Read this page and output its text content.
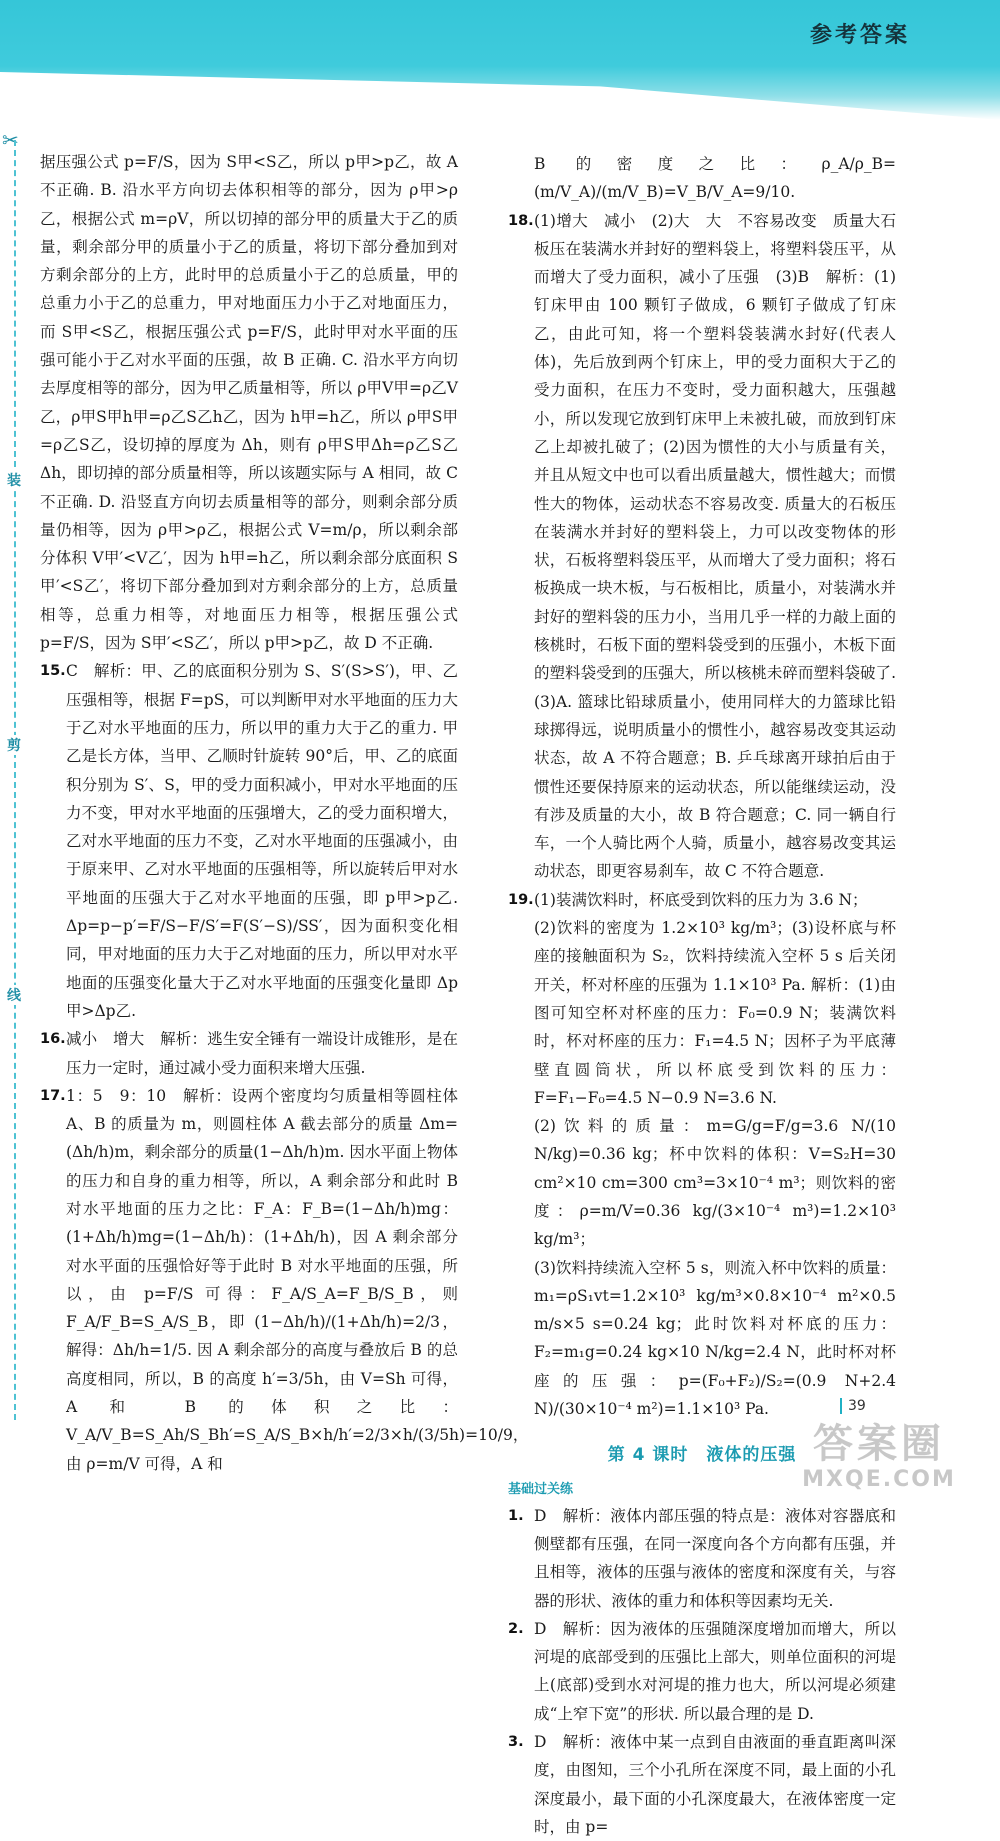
参考答案
✂
装
剪
线

据压强公式 p=F/S，因为 S甲<S乙，所以 p甲>p乙，故 A 不正确. B. 沿水平方向切去体积相等的部分，因为 ρ甲>ρ乙，根据公式 m=ρV，所以切掉的部分甲的质量大于乙的质量，剩余部分甲的质量小于乙的质量，将切下部分叠加到对方剩余部分的上方，此时甲的总质量小于乙的总质量，甲的总重力小于乙的总重力，甲对地面压力小于乙对地面压力，而 S甲<S乙，根据压强公式 p=F/S，此时甲对水平面的压强可能小于乙对水平面的压强，故 B 正确. C. 沿水平方向切去厚度相等的部分，因为甲乙质量相等，所以 ρ甲V甲=ρ乙V乙，ρ甲S甲h甲=ρ乙S乙h乙，因为 h甲=h乙，所以 ρ甲S甲=ρ乙S乙，设切掉的厚度为 Δh，则有 ρ甲S甲Δh=ρ乙S乙Δh，即切掉的部分质量相等，所以该题实际与 A 相同，故 C 不正确. D. 沿竖直方向切去质量相等的部分，则剩余部分质量仍相等，因为 ρ甲>ρ乙，根据公式 V=m/ρ，所以剩余部分体积 V甲′<V乙′，因为 h甲=h乙，所以剩余部分底面积 S甲′<S乙′，将切下部分叠加到对方剩余部分的上方，总质量相等，总重力相等，对地面压力相等，根据压强公式 p=F/S，因为 S甲′<S乙′，所以 p甲>p乙，故 D 不正确.

15. C　解析：甲、乙的底面积分别为 S、S′(S>S′)，甲、乙压强相等，根据 F=pS，可以判断甲对水平地面的压力大于乙对水平地面的压力，所以甲的重力大于乙的重力. 甲乙是长方体，当甲、乙顺时针旋转 90°后，甲、乙的底面积分别为 S′、S，甲的受力面积减小，甲对水平地面的压力不变，甲对水平地面的压强增大，乙的受力面积增大，乙对水平地面的压力不变，乙对水平地面的压强减小，由于原来甲、乙对水平地面的压强相等，所以旋转后甲对水平地面的压强大于乙对水平地面的压强，即 p甲>p乙. Δp=p−p′=F/S−F/S′=F(S′−S)/SS′，因为面积变化相同，甲对地面的压力大于乙对地面的压力，所以甲对水平地面的压强变化量大于乙对水平地面的压强变化量即 Δp甲>Δp乙.

16. 减小　增大　解析：逃生安全锤有一端设计成锥形，是在压力一定时，通过减小受力面积来增大压强.

17. 1：5　9：10　解析：设两个密度均匀质量相等圆柱体 A、B 的质量为 m，则圆柱体 A 截去部分的质量 Δm=(Δh/h)m，剩余部分的质量(1−Δh/h)m. 因水平面上物体的压力和自身的重力相等，所以，A 剩余部分和此时 B 对水平地面的压力之比：F_A：F_B=(1−Δh/h)mg：(1+Δh/h)mg=(1−Δh/h)：(1+Δh/h)，因 A 剩余部分对水平面的压强恰好等于此时 B 对水平地面的压强，所以，由 p=F/S 可得：F_A/S_A=F_B/S_B，则 F_A/F_B=S_A/S_B，即 (1−Δh/h)/(1+Δh/h)=2/3，解得：Δh/h=1/5. 因 A 剩余部分的高度与叠放后 B 的总高度相同，所以，B 的高度 h′=3/5h，由 V=Sh 可得，A 和 B 的体积之比：V_A/V_B=S_Ah/S_Bh′=S_A/S_B×h/h′=2/3×h/(3/5h)=10/9，由 ρ=m/V 可得，A 和

B 的密度之比：ρ_A/ρ_B=(m/V_A)/(m/V_B)=V_B/V_A=9/10.

18. (1)增大　减小　(2)大　大　不容易改变　质量大石板压在装满水并封好的塑料袋上，将塑料袋压平，从而增大了受力面积，减小了压强　(3)B　解析：(1)钉床甲由 100 颗钉子做成，6 颗钉子做成了钉床乙，由此可知，将一个塑料袋装满水封好(代表人体)，先后放到两个钉床上，甲的受力面积大于乙的受力面积，在压力不变时，受力面积越大，压强越小，所以发现它放到钉床甲上未被扎破，而放到钉床乙上却被扎破了；(2)因为惯性的大小与质量有关，并且从短文中也可以看出质量越大，惯性越大；而惯性大的物体，运动状态不容易改变. 质量大的石板压在装满水并封好的塑料袋上，力可以改变物体的形状，石板将塑料袋压平，从而增大了受力面积；将石板换成一块木板，与石板相比，质量小，对装满水并封好的塑料袋的压力小，当用几乎一样的力敲上面的核桃时，石板下面的塑料袋受到的压强小，木板下面的塑料袋受到的压强大，所以核桃未碎而塑料袋破了. (3)A. 篮球比铅球质量小，使用同样大的力篮球比铅球掷得远，说明质量小的惯性小，越容易改变其运动状态，故 A 不符合题意；B. 乒乓球离开球拍后由于惯性还要保持原来的运动状态，所以能继续运动，没有涉及质量的大小，故 B 符合题意；C. 同一辆自行车，一个人骑比两个人骑，质量小，越容易改变其运动状态，即更容易刹车，故 C 不符合题意.

19. (1)装满饮料时，杯底受到饮料的压力为 3.6 N；

(2)饮料的密度为 1.2×10³ kg/m³；(3)设杯底与杯座的接触面积为 S₂，饮料持续流入空杯 5 s 后关闭开关，杯对杯座的压强为 1.1×10³ Pa. 解析：(1)由图可知空杯对杯座的压力：F₀=0.9 N；装满饮料时，杯对杯座的压力：F₁=4.5 N；因杯子为平底薄壁直圆筒状，所以杯底受到饮料的压力：F=F₁−F₀=4.5 N−0.9 N=3.6 N.

(2)饮料的质量：m=G/g=F/g=3.6 N/(10 N/kg)=0.36 kg；杯中饮料的体积：V=S₂H=30 cm²×10 cm=300 cm³=3×10⁻⁴ m³；则饮料的密度：ρ=m/V=0.36 kg/(3×10⁻⁴ m³)=1.2×10³ kg/m³；

(3)饮料持续流入空杯 5 s，则流入杯中饮料的质量：m₁=ρS₁vt=1.2×10³ kg/m³×0.8×10⁻⁴ m²×0.5 m/s×5 s=0.24 kg；此时饮料对杯底的压力：F₂=m₁g=0.24 kg×10 N/kg=2.4 N，此时杯对杯座的压强：p=(F₀+F₂)/S₂=(0.9 N+2.4 N)/(30×10⁻⁴ m²)=1.1×10³ Pa.

第 4 课时　液体的压强
基础过关练

1. D　解析：液体内部压强的特点是：液体对容器底和侧壁都有压强，在同一深度向各个方向都有压强，并且相等，液体的压强与液体的密度和深度有关，与容器的形状、液体的重力和体积等因素均无关.

2. D　解析：因为液体的压强随深度增加而增大，所以河堤的底部受到的压强比上部大，则单位面积的河堤上(底部)受到水对河堤的推力也大，所以河堤必须建成“上窄下宽”的形状. 所以最合理的是 D.

3. D　解析：液体中某一点到自由液面的垂直距离叫深度，由图知，三个小孔所在深度不同，最上面的小孔深度最小，最下面的小孔深度最大，在液体密度一定时，由 p=

39
答案圈
MXQE.COM
